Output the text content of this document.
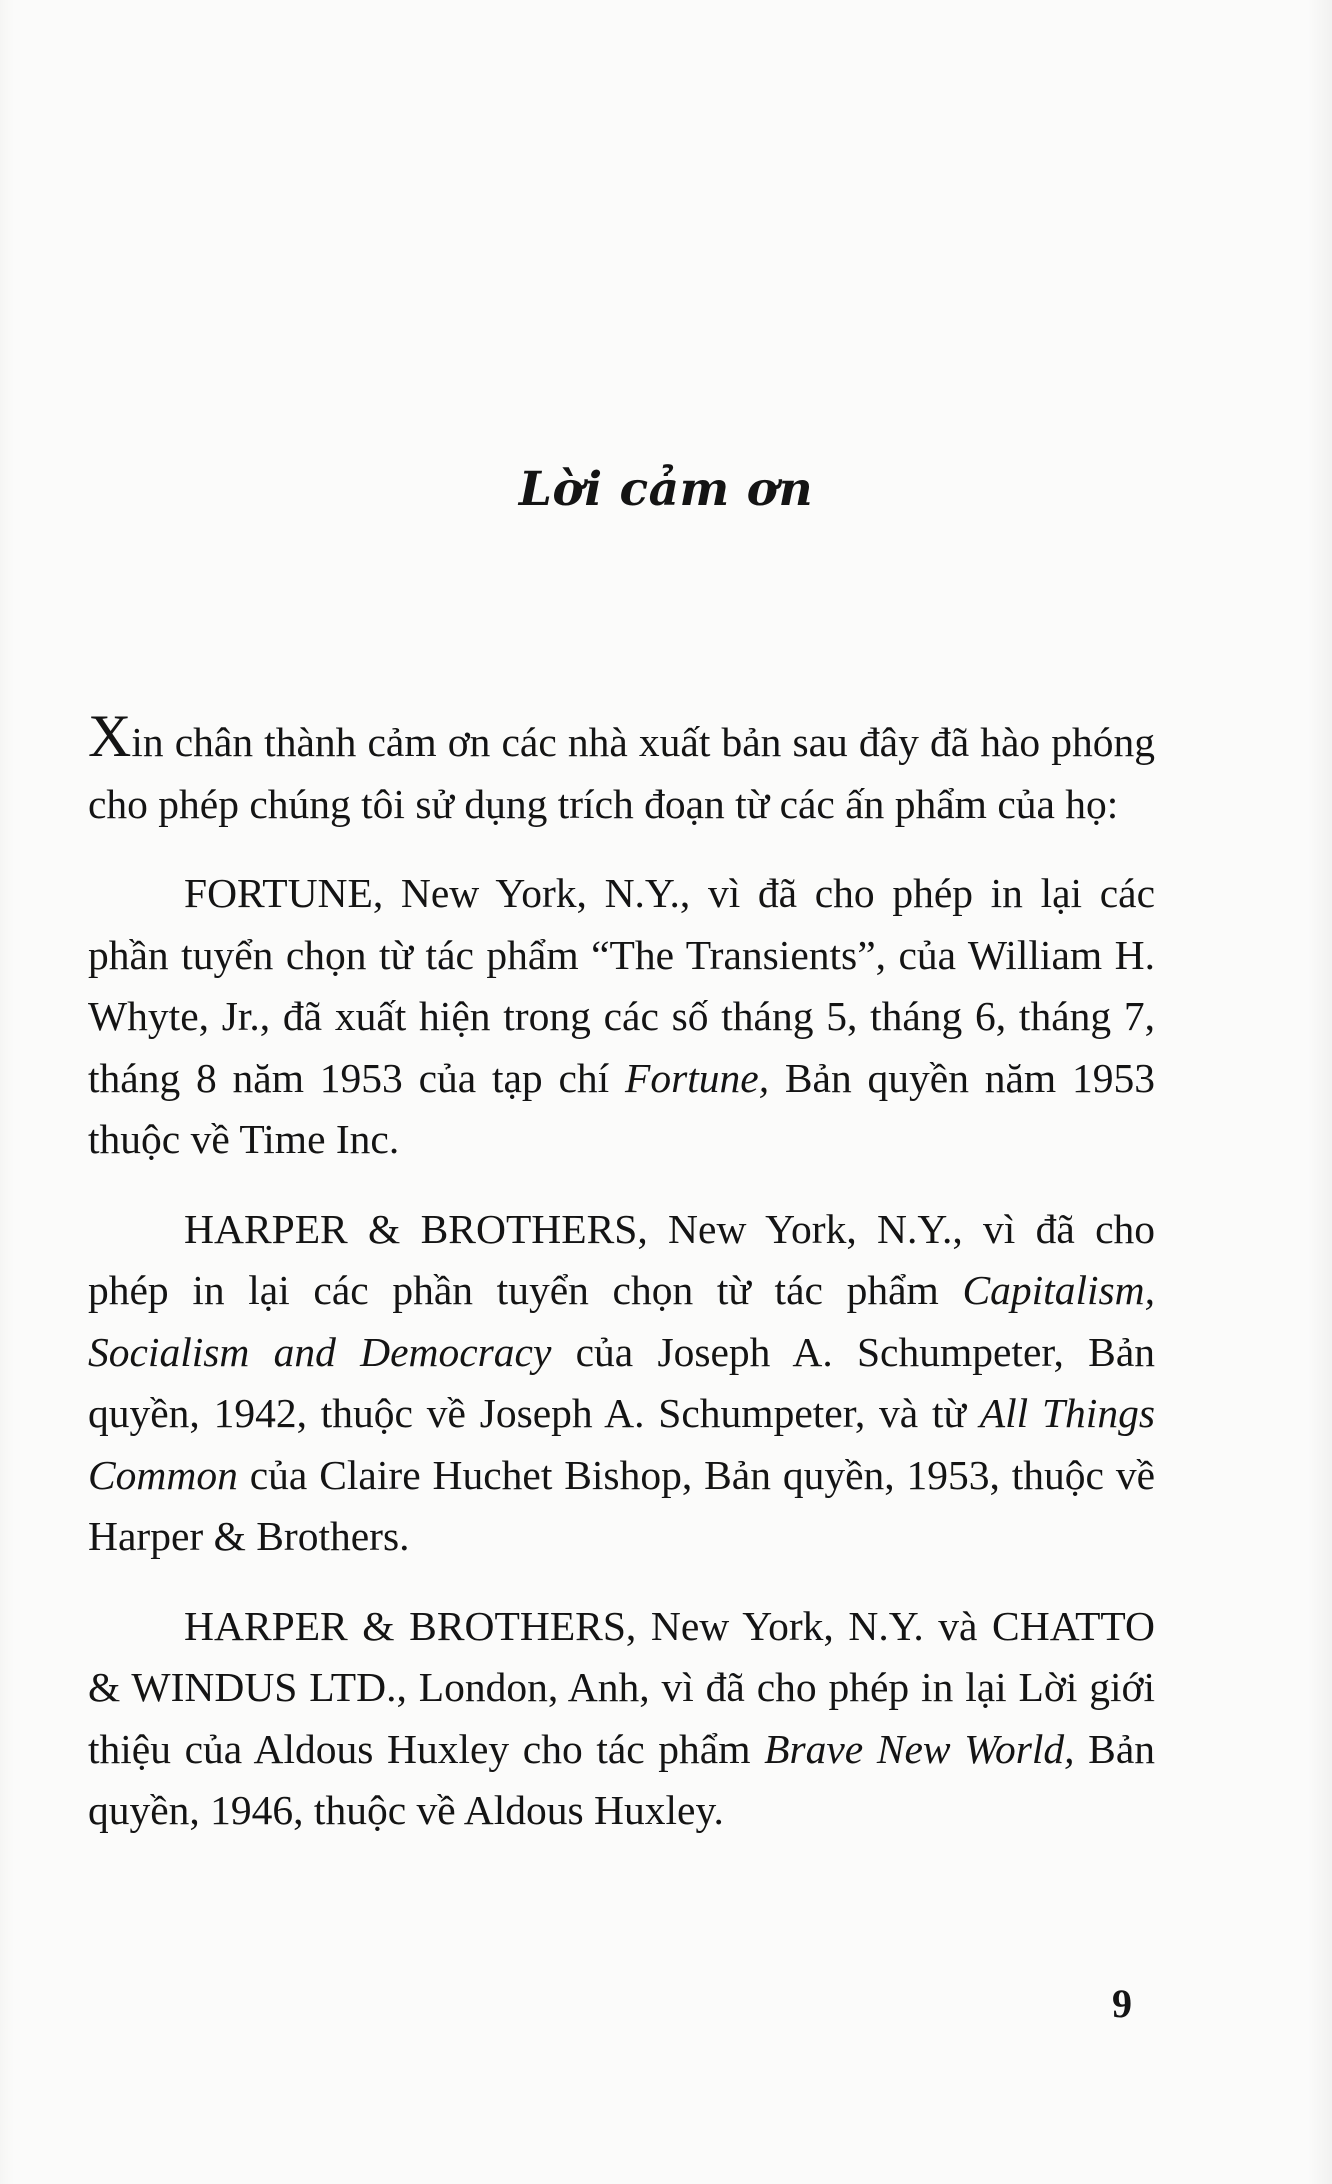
Lời cảm ơn

Xin chân thành cảm ơn các nhà xuất bản sau đây đã hào phóng cho phép chúng tôi sử dụng trích đoạn từ các ấn phẩm của họ:

FORTUNE, New York, N.Y., vì đã cho phép in lại các phần tuyển chọn từ tác phẩm “The Transients”, của William H. Whyte, Jr., đã xuất hiện trong các số tháng 5, tháng 6, tháng 7, tháng 8 năm 1953 của tạp chí Fortune, Bản quyền năm 1953 thuộc về Time Inc.

HARPER & BROTHERS, New York, N.Y., vì đã cho phép in lại các phần tuyển chọn từ tác phẩm Capitalism, Socialism and Democracy của Joseph A. Schumpeter, Bản quyền, 1942, thuộc về Joseph A. Schumpeter, và từ All Things Common của Claire Huchet Bishop, Bản quyền, 1953, thuộc về Harper & Brothers.

HARPER & BROTHERS, New York, N.Y. và CHATTO & WINDUS LTD., London, Anh, vì đã cho phép in lại Lời giới thiệu của Aldous Huxley cho tác phẩm Brave New World, Bản quyền, 1946, thuộc về Aldous Huxley.

9
